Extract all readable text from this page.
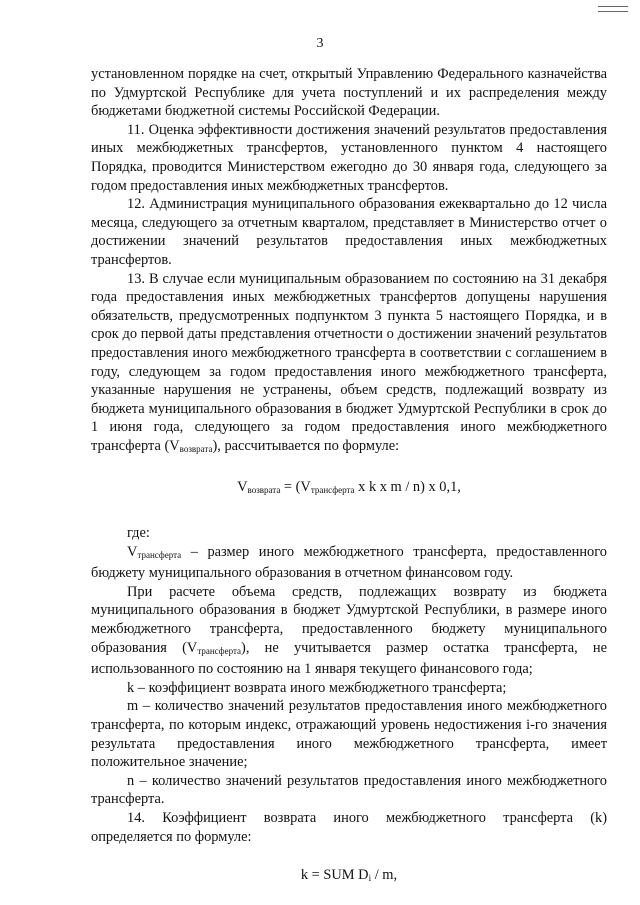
3

установленном порядке на счет, открытый Управлению Федерального казначейства по Удмуртской Республике для учета поступлений и их распределения между бюджетами бюджетной системы Российской Федерации.

11. Оценка эффективности достижения значений результатов предоставления иных межбюджетных трансфертов, установленного пунктом 4 настоящего Порядка, проводится Министерством ежегодно до 30 января года, следующего за годом предоставления иных межбюджетных трансфертов.

12. Администрация муниципального образования ежеквартально до 12 числа месяца, следующего за отчетным кварталом, представляет в Министерство отчет о достижении значений результатов предоставления иных межбюджетных трансфертов.

13. В случае если муниципальным образованием по состоянию на 31 декабря года предоставления иных межбюджетных трансфертов допущены нарушения обязательств, предусмотренных подпунктом 3 пункта 5 настоящего Порядка, и в срок до первой даты представления отчетности о достижении значений результатов предоставления иного межбюджетного трансферта в соответствии с соглашением в году, следующем за годом предоставления иного межбюджетного трансферта, указанные нарушения не устранены, объем средств, подлежащий возврату из бюджета муниципального образования в бюджет Удмуртской Республики в срок до 1 июня года, следующего за годом предоставления иного межбюджетного трансферта $(V_{возврата})$, рассчитывается по формуле:

$V_{возврата} = (V_{трансферта}$ x k x m / n) x 0,1,

где:

$V_{трансферта}$ – размер иного межбюджетного трансферта, предоставленного бюджету муниципального образования в отчетном финансовом году.

При расчете объема средств, подлежащих возврату из бюджета муниципального образования в бюджет Удмуртской Республики, в размере иного межбюджетного трансферта, предоставленного бюджету муниципального образования $(V_{трансферта})$, не учитывается размер остатка трансферта, не использованного по состоянию на 1 января текущего финансового года;

k – коэффициент возврата иного межбюджетного трансферта;

m – количество значений результатов предоставления иного межбюджетного трансферта, по которым индекс, отражающий уровень недостижения i-го значения результата предоставления иного межбюджетного трансферта, имеет положительное значение;

n – количество значений результатов предоставления иного межбюджетного трансферта.

14. Коэффициент возврата иного межбюджетного трансферта (k) определяется по формуле:

k = SUM $D_i$ / m,
